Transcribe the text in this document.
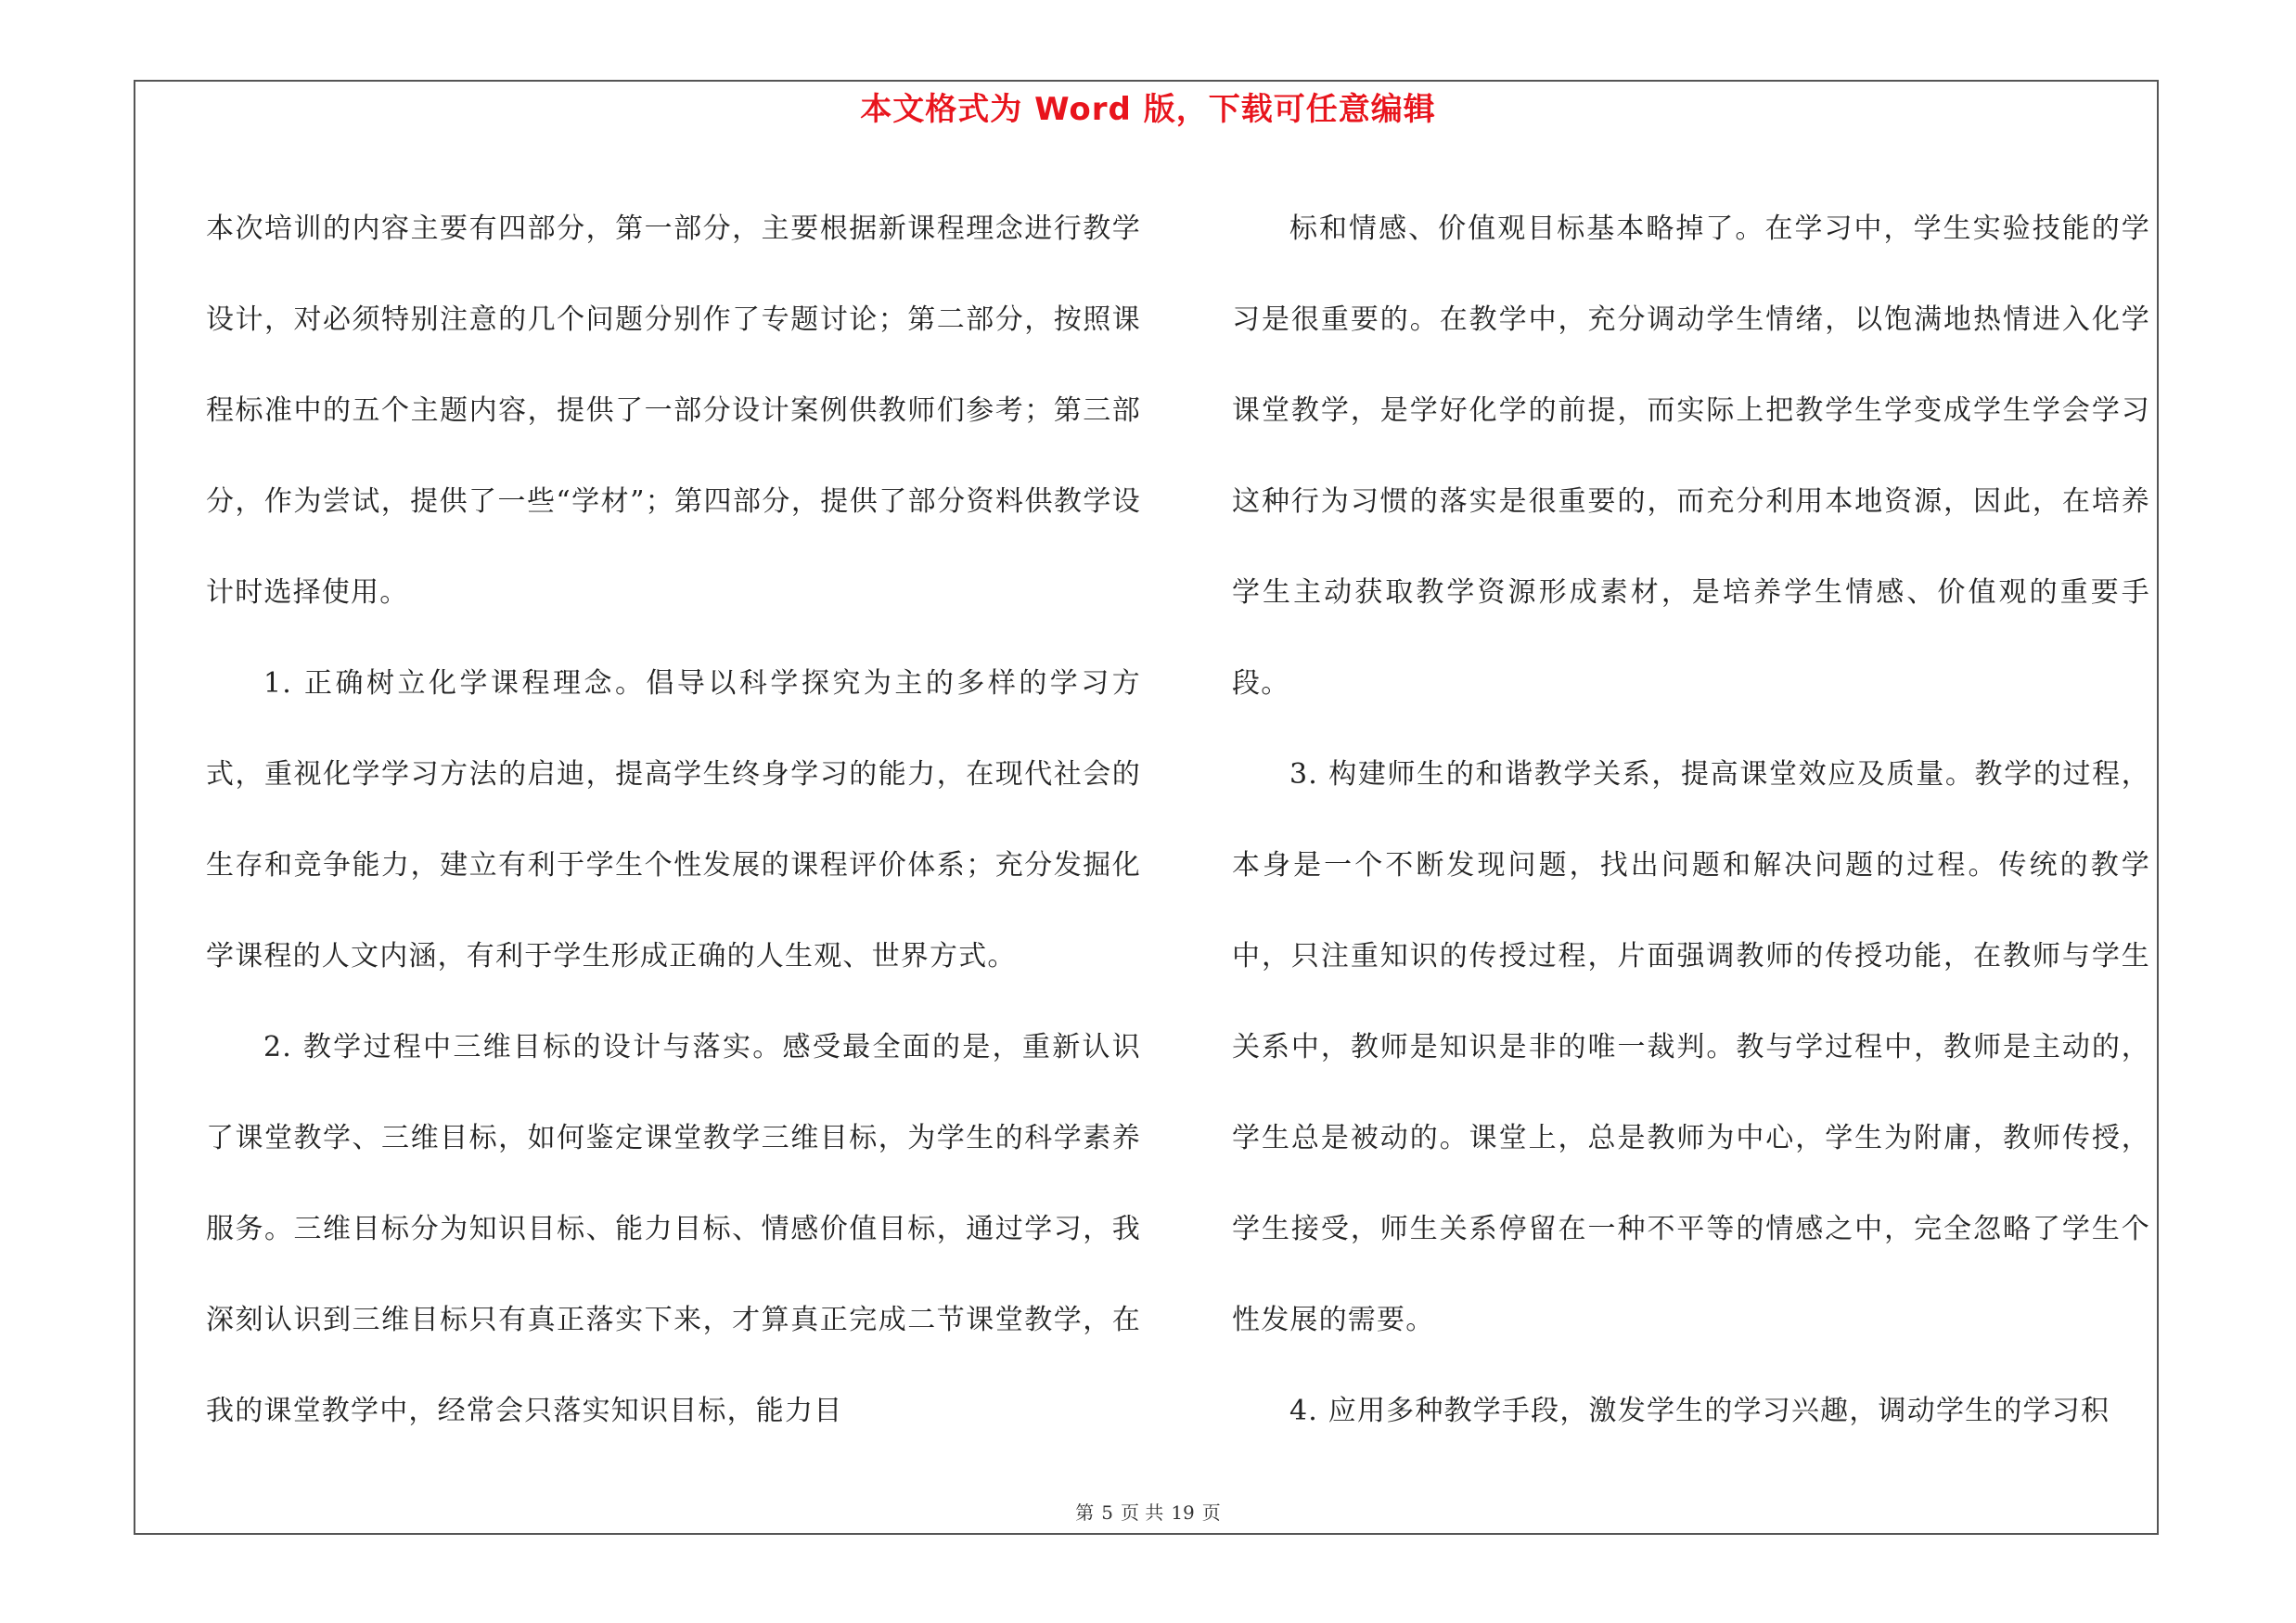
本文格式为 Word 版，下载可任意编辑

本次培训的内容主要有四部分，第一部分，主要根据新课程理念进行教学设计，对必须特别注意的几个问题分别作了专题讨论；第二部分，按照课程标准中的五个主题内容，提供了一部分设计案例供教师们参考；第三部分，作为尝试，提供了一些“学材”；第四部分，提供了部分资料供教学设计时选择使用。

1. 正确树立化学课程理念。倡导以科学探究为主的多样的学习方式，重视化学学习方法的启迪，提高学生终身学习的能力，在现代社会的生存和竞争能力，建立有利于学生个性发展的课程评价体系；充分发掘化学课程的人文内涵，有利于学生形成正确的人生观、世界方式。

2. 教学过程中三维目标的设计与落实。感受最全面的是，重新认识了课堂教学、三维目标，如何鉴定课堂教学三维目标，为学生的科学素养服务。三维目标分为知识目标、能力目标、情感价值目标，通过学习，我深刻认识到三维目标只有真正落实下来，才算真正完成二节课堂教学，在我的课堂教学中，经常会只落实知识目标，能力目

标和情感、价值观目标基本略掉了。在学习中，学生实验技能的学习是很重要的。在教学中，充分调动学生情绪，以饱满地热情进入化学课堂教学，是学好化学的前提，而实际上把教学生学变成学生学会学习这种行为习惯的落实是很重要的，而充分利用本地资源，因此，在培养学生主动获取教学资源形成素材，是培养学生情感、价值观的重要手段。

3. 构建师生的和谐教学关系，提高课堂效应及质量。教学的过程，本身是一个不断发现问题，找出问题和解决问题的过程。传统的教学中，只注重知识的传授过程，片面强调教师的传授功能，在教师与学生关系中，教师是知识是非的唯一裁判。教与学过程中，教师是主动的，学生总是被动的。课堂上，总是教师为中心，学生为附庸，教师传授，学生接受，师生关系停留在一种不平等的情感之中，完全忽略了学生个性发展的需要。

4. 应用多种教学手段，激发学生的学习兴趣，调动学生的学习积

第 5 页 共 19 页
